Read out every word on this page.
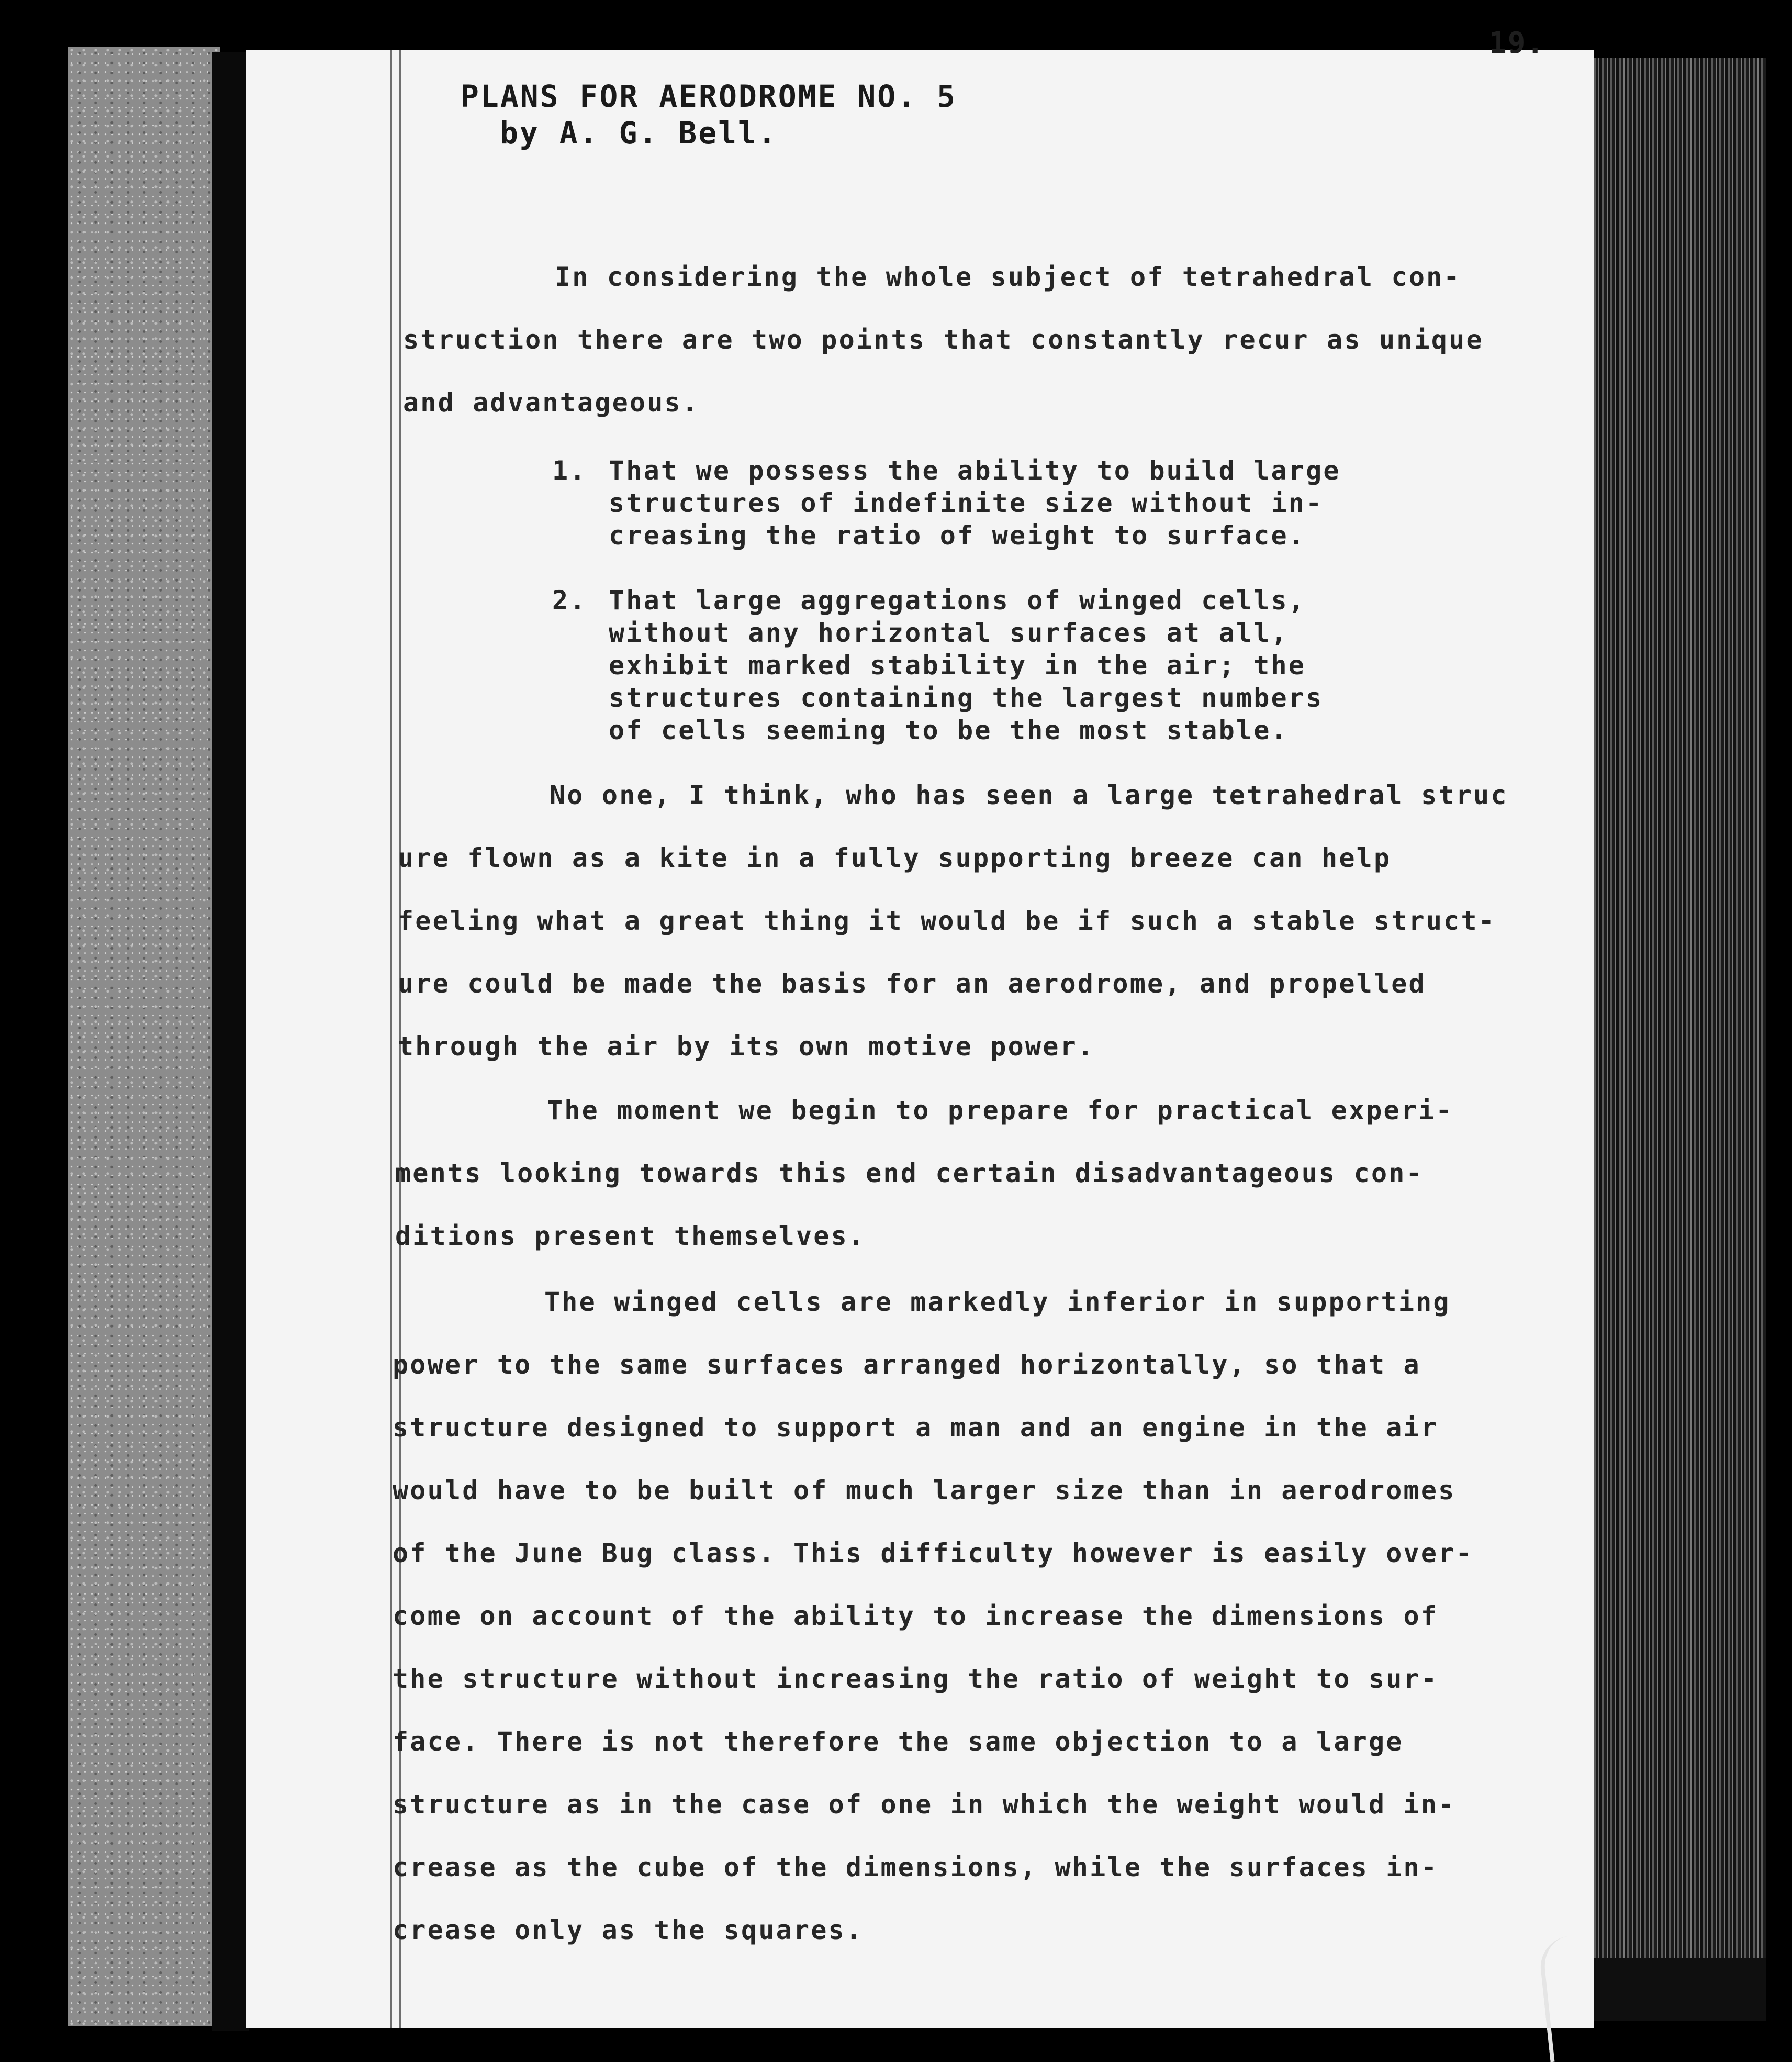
19.
PLANS FOR AERODROME NO. 5
by A. G. Bell.
In considering the whole subject of tetrahedral con-
struction there are two points that constantly recur as unique
and advantageous.
1. That we possess the ability to build large
structures of indefinite size without in-
creasing the ratio of weight to surface.
2. That large aggregations of winged cells,
without any horizontal surfaces at all,
exhibit marked stability in the air; the
structures containing the largest numbers
of cells seeming to be the most stable.
No one, I think, who has seen a large tetrahedral struc
ure flown as a kite in a fully supporting breeze can help
feeling what a great thing it would be if such a stable struct-
ure could be made the basis for an aerodrome, and propelled
through the air by its own motive power.
The moment we begin to prepare for practical experi-
ments looking towards this end certain disadvantageous con-
ditions present themselves.
The winged cells are markedly inferior in supporting
power to the same surfaces arranged horizontally, so that a
structure designed to support a man and an engine in the air
would have to be built of much larger size than in aerodromes
of the June Bug class. This difficulty however is easily over-
come on account of the ability to increase the dimensions of
the structure without increasing the ratio of weight to sur-
face. There is not therefore the same objection to a large
structure as in the case of one in which the weight would in-
crease as the cube of the dimensions, while the surfaces in-
crease only as the squares.
